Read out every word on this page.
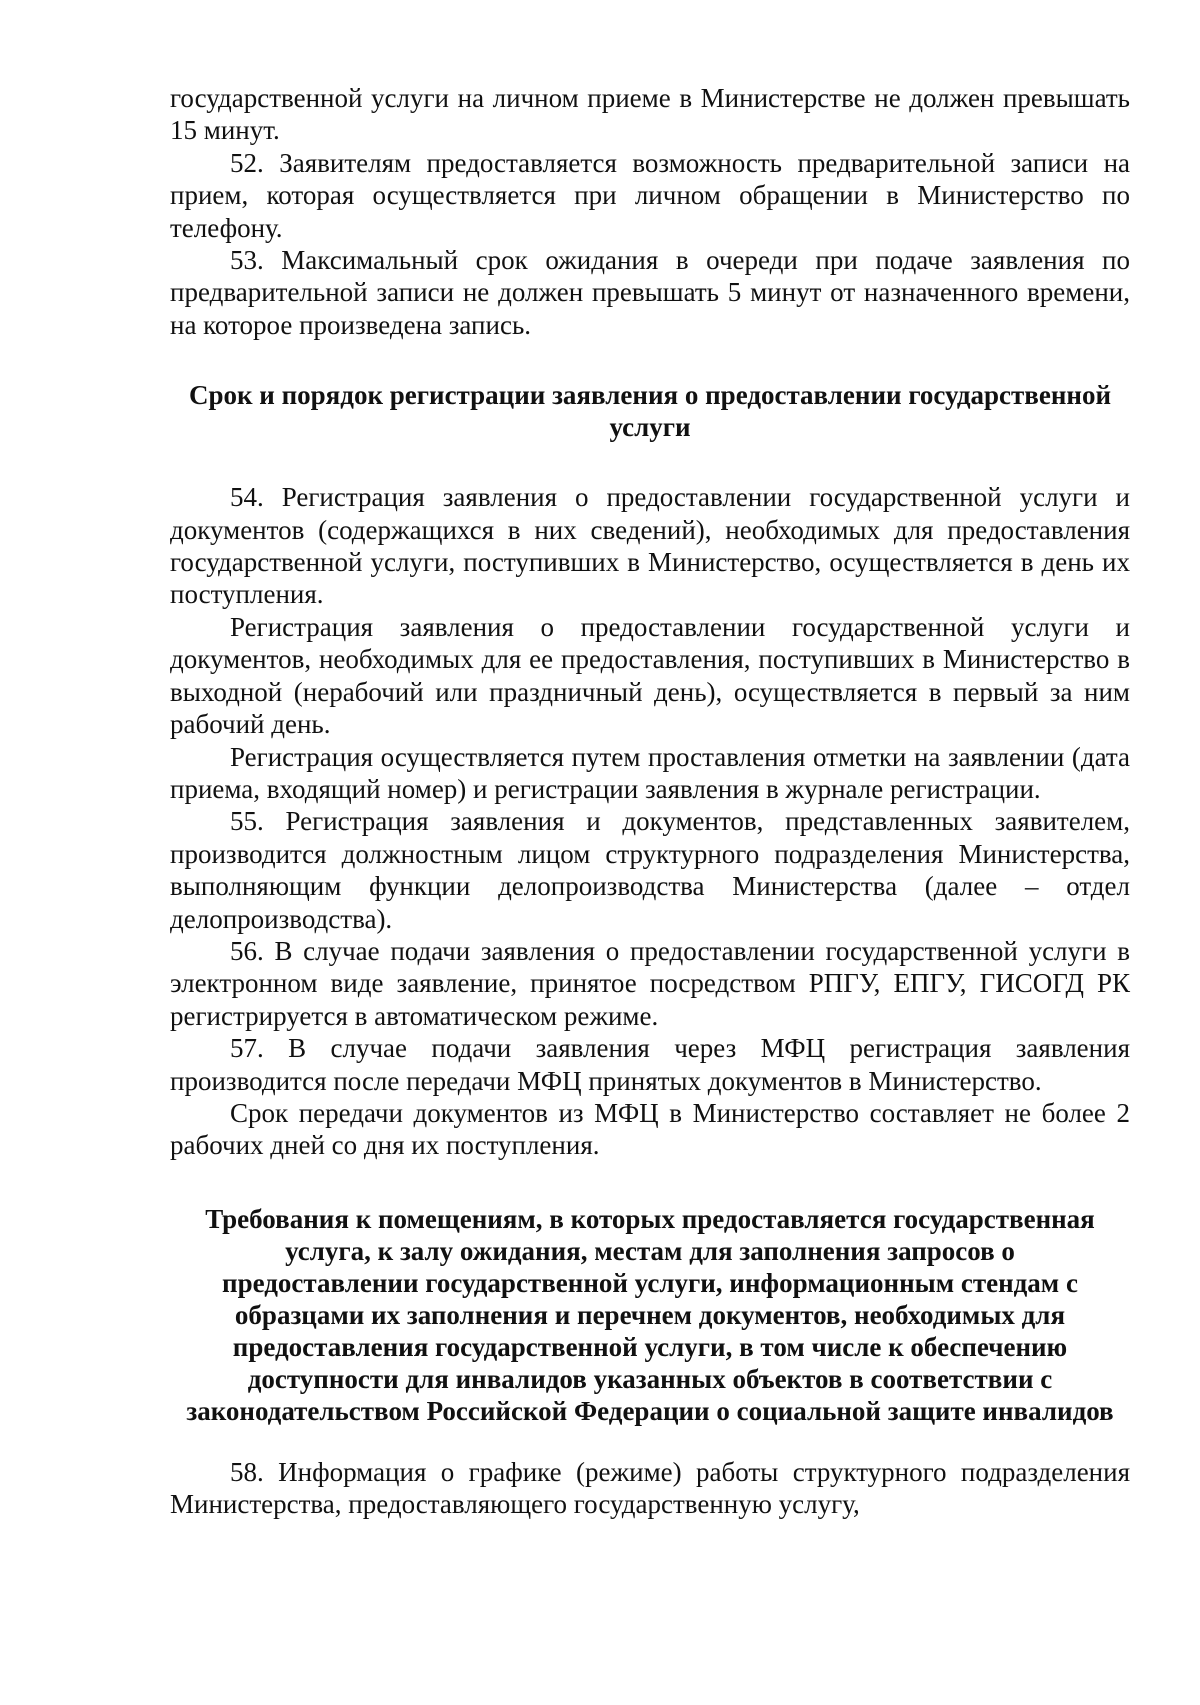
государственной услуги на личном приеме в Министерстве не должен превышать 15 минут.

52. Заявителям предоставляется возможность предварительной записи на прием, которая осуществляется при личном обращении в Министерство по телефону.

53. Максимальный срок ожидания в очереди при подаче заявления по предварительной записи не должен превышать 5 минут от назначенного времени, на которое произведена запись.

Срок и порядок регистрации заявления о предоставлении государственной услуги

54. Регистрация заявления о предоставлении государственной услуги и документов (содержащихся в них сведений), необходимых для предоставления государственной услуги, поступивших в Министерство, осуществляется в день их поступления.

Регистрация заявления о предоставлении государственной услуги и документов, необходимых для ее предоставления, поступивших в Министерство в выходной (нерабочий или праздничный день), осуществляется в первый за ним рабочий день.

Регистрация осуществляется путем проставления отметки на заявлении (дата приема, входящий номер) и регистрации заявления в журнале регистрации.

55. Регистрация заявления и документов, представленных заявителем, производится должностным лицом структурного подразделения Министерства, выполняющим функции делопроизводства Министерства (далее – отдел делопроизводства).

56. В случае подачи заявления о предоставлении государственной услуги в электронном виде заявление, принятое посредством РПГУ, ЕПГУ, ГИСОГД РК регистрируется в автоматическом режиме.

57. В случае подачи заявления через МФЦ регистрация заявления производится после передачи МФЦ принятых документов в Министерство.

Срок передачи документов из МФЦ в Министерство составляет не более 2 рабочих дней со дня их поступления.

Требования к помещениям, в которых предоставляется государственная услуга, к залу ожидания, местам для заполнения запросов о предоставлении государственной услуги, информационным стендам с образцами их заполнения и перечнем документов, необходимых для предоставления государственной услуги, в том числе к обеспечению доступности для инвалидов указанных объектов в соответствии с законодательством Российской Федерации о социальной защите инвалидов

58. Информация о графике (режиме) работы структурного подразделения Министерства, предоставляющего государственную услугу,
